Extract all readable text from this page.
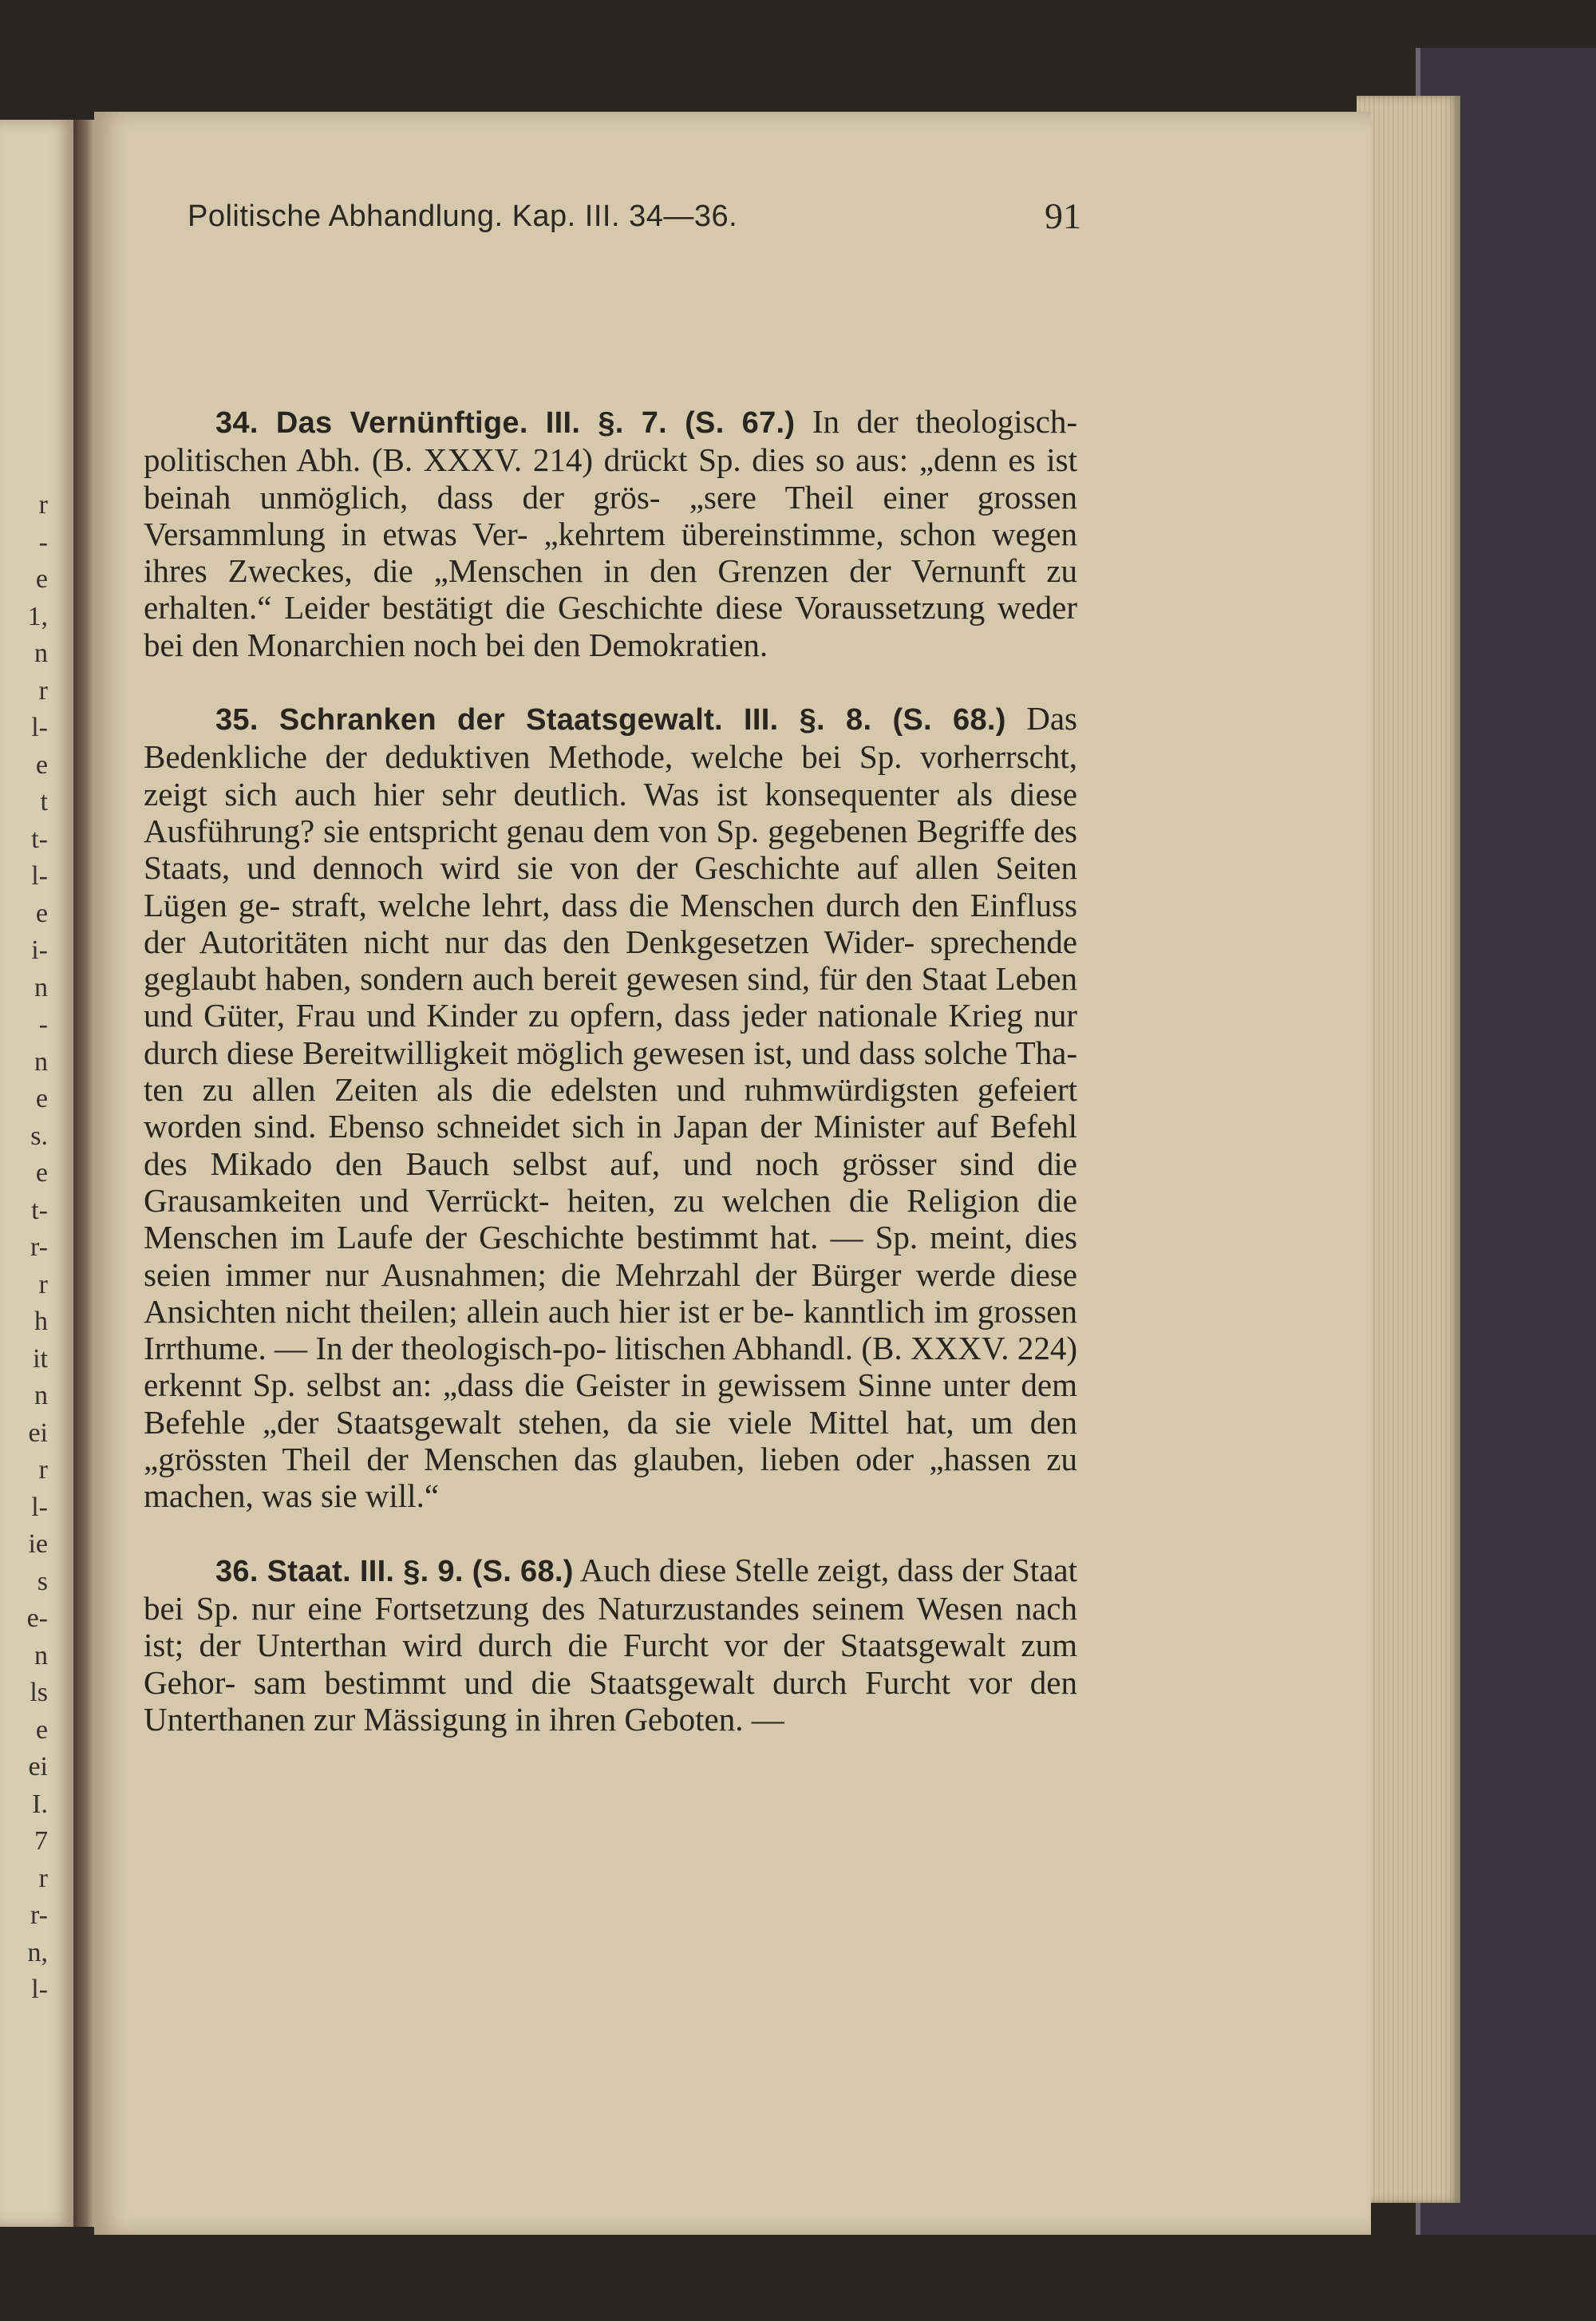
r
-
e
1,
n
r
l-
e
t
t-
l-
e
i-
n
-
n
e
s.
e
t-
r-
r
h
it
n
ei
r
l-
ie
s
e-
n
ls
e
ei
I.
7
r
r-
n,
l-
Politische Abhandlung. Kap. III. 34—36.	91

34. Das Vernünftige. III. §. 7. (S. 67.) In der theologisch-politischen Abh. (B. XXXV. 214) drückt Sp. dies so aus: „denn es ist beinah unmöglich, dass der grös- „sere Theil einer grossen Versammlung in etwas Ver- „kehrtem übereinstimme, schon wegen ihres Zweckes, die „Menschen in den Grenzen der Vernunft zu erhalten.“ Leider bestätigt die Geschichte diese Voraussetzung weder bei den Monarchien noch bei den Demokratien.

35. Schranken der Staatsgewalt. III. §. 8. (S. 68.) Das Bedenkliche der deduktiven Methode, welche bei Sp. vorherrscht, zeigt sich auch hier sehr deutlich. Was ist konsequenter als diese Ausführung? sie entspricht genau dem von Sp. gegebenen Begriffe des Staats, und dennoch wird sie von der Geschichte auf allen Seiten Lügen ge- straft, welche lehrt, dass die Menschen durch den Einfluss der Autoritäten nicht nur das den Denkgesetzen Wider- sprechende geglaubt haben, sondern auch bereit gewesen sind, für den Staat Leben und Güter, Frau und Kinder zu opfern, dass jeder nationale Krieg nur durch diese Bereitwilligkeit möglich gewesen ist, und dass solche Tha- ten zu allen Zeiten als die edelsten und ruhmwürdigsten gefeiert worden sind. Ebenso schneidet sich in Japan der Minister auf Befehl des Mikado den Bauch selbst auf, und noch grösser sind die Grausamkeiten und Verrückt- heiten, zu welchen die Religion die Menschen im Laufe der Geschichte bestimmt hat. — Sp. meint, dies seien immer nur Ausnahmen; die Mehrzahl der Bürger werde diese Ansichten nicht theilen; allein auch hier ist er be- kanntlich im grossen Irrthume. — In der theologisch-po- litischen Abhandl. (B. XXXV. 224) erkennt Sp. selbst an: „dass die Geister in gewissem Sinne unter dem Befehle „der Staatsgewalt stehen, da sie viele Mittel hat, um den „grössten Theil der Menschen das glauben, lieben oder „hassen zu machen, was sie will.“

36. Staat. III. §. 9. (S. 68.) Auch diese Stelle zeigt, dass der Staat bei Sp. nur eine Fortsetzung des Naturzustandes seinem Wesen nach ist; der Unterthan wird durch die Furcht vor der Staatsgewalt zum Gehor- sam bestimmt und die Staatsgewalt durch Furcht vor den Unterthanen zur Mässigung in ihren Geboten. —
